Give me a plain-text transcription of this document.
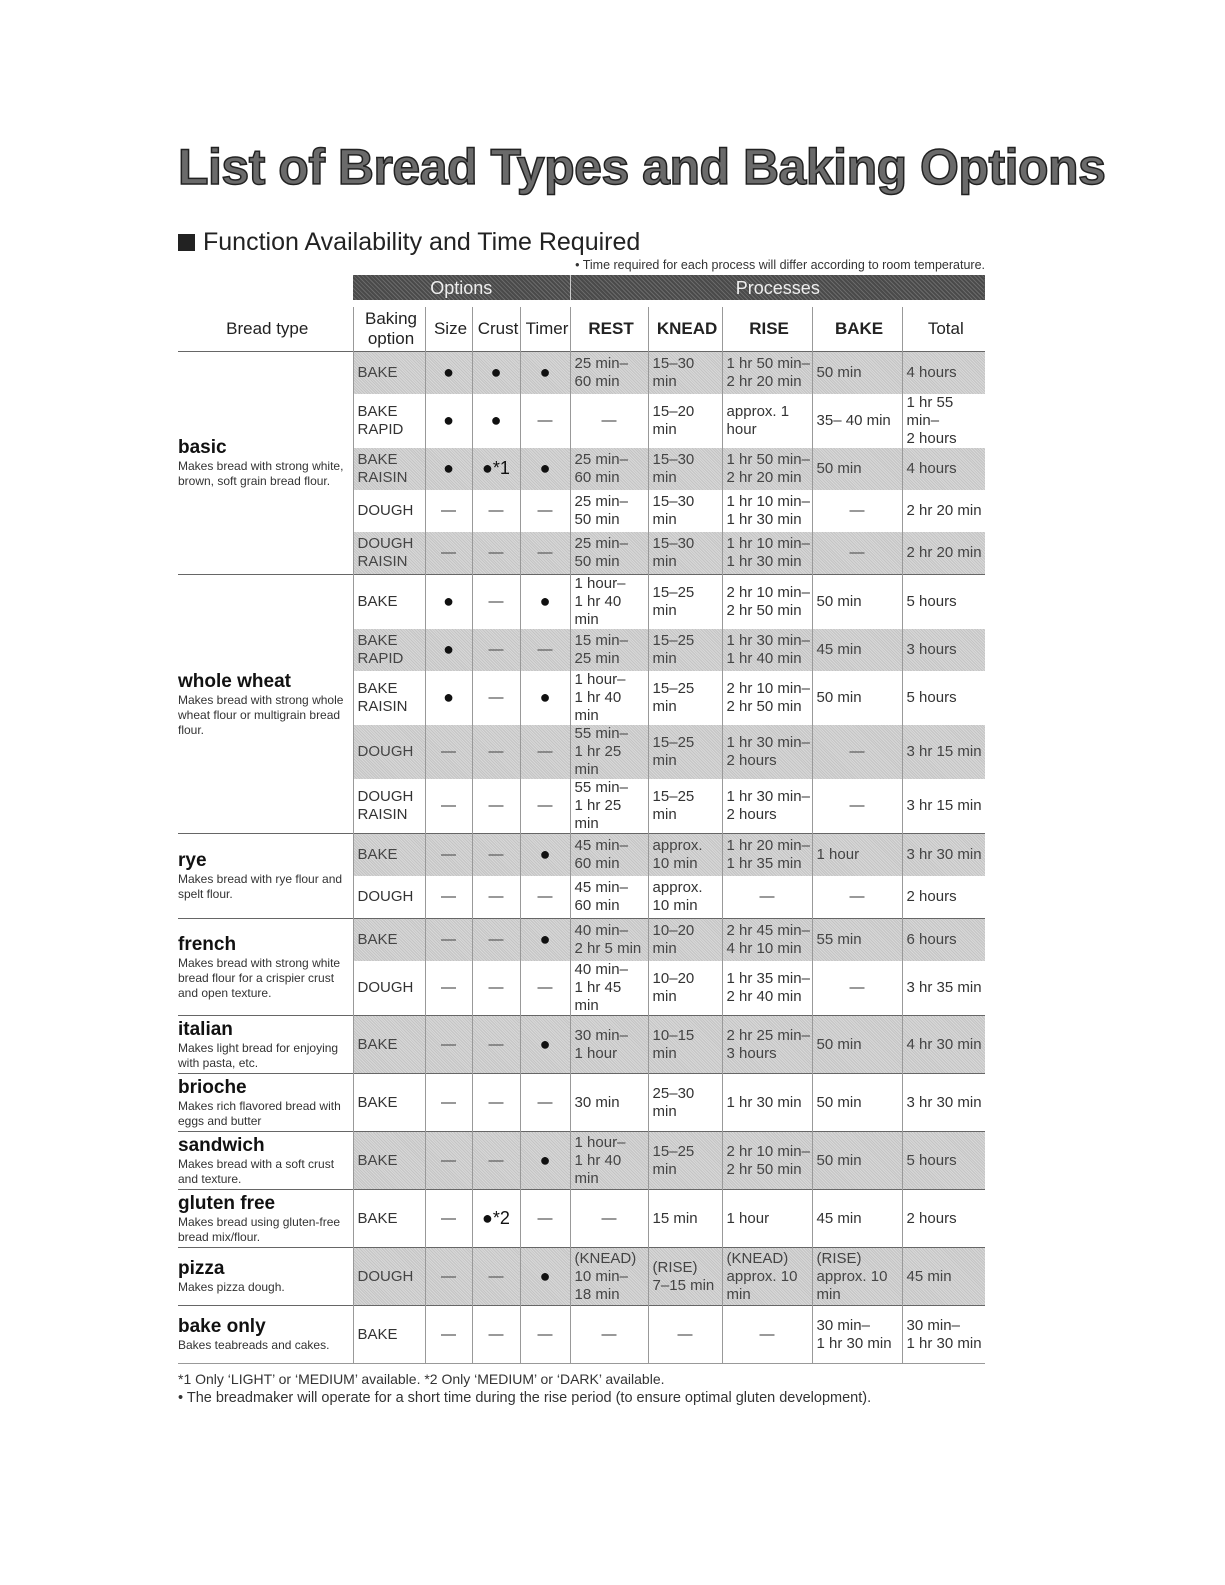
List of Bread Types and Baking Options
Function Availability and Time Required
• Time required for each process will differ according to room temperature.
	Options				Processes				

Bread type	Baking option	Size	Crust	Timer	REST	KNEAD	RISE	BAKE	Total

basic
Makes bread with strong white, brown, soft grain bread flour.	BAKE	●	●	●	25 min–
60 min	15–30 min	1 hr 50 min–
2 hr 20 min	50 min	4 hours
	BAKE
RAPID	●	●	—	—	15–20 min	approx. 1 hour	35– 40 min	1 hr 55 min–
2 hours
	BAKE
RAISIN	●	●*1	●	25 min–
60 min	15–30 min	1 hr 50 min–
2 hr 20 min	50 min	4 hours
	DOUGH	—	—	—	25 min–
50 min	15–30 min	1 hr 10 min–
1 hr 30 min	—	2 hr 20 min
	DOUGH
RAISIN	—	—	—	25 min–
50 min	15–30 min	1 hr 10 min–
1 hr 30 min	—	2 hr 20 min

whole wheat
Makes bread with strong whole wheat flour or multigrain bread flour.	BAKE	●	—	●	1 hour–
1 hr 40 min	15–25 min	2 hr 10 min–
2 hr 50 min	50 min	5 hours
	BAKE
RAPID	●	—	—	15 min–
25 min	15–25 min	1 hr 30 min–
1 hr 40 min	45 min	3 hours
	BAKE
RAISIN	●	—	●	1 hour–
1 hr 40 min	15–25 min	2 hr 10 min–
2 hr 50 min	50 min	5 hours
	DOUGH	—	—	—	55 min–
1 hr 25 min	15–25 min	1 hr 30 min–
2 hours	—	3 hr 15 min
	DOUGH
RAISIN	—	—	—	55 min–
1 hr 25 min	15–25 min	1 hr 30 min–
2 hours	—	3 hr 15 min

rye
Makes bread with rye flour and spelt flour.	BAKE	—	—	●	45 min–
60 min	approx.
10 min	1 hr 20 min–
1 hr 35 min	1 hour	3 hr 30 min
	DOUGH	—	—	—	45 min–
60 min	approx.
10 min	—	—	2 hours

french
Makes bread with strong white bread flour for a crispier crust and open texture.	BAKE	—	—	●	40 min–
2 hr 5 min	10–20 min	2 hr 45 min–
4 hr 10 min	55 min	6 hours
	DOUGH	—	—	—	40 min–
1 hr 45 min	10–20 min	1 hr 35 min–
2 hr 40 min	—	3 hr 35 min

italian
Makes light bread for enjoying with pasta, etc.	BAKE	—	—	●	30 min–
1 hour	10–15 min	2 hr 25 min–
3 hours	50 min	4 hr 30 min

brioche
Makes rich flavored bread with eggs and butter	BAKE	—	—	—	30 min	25–30 min	1 hr 30 min	50 min	3 hr 30 min

sandwich
Makes bread with a soft crust and texture.	BAKE	—	—	●	1 hour–
1 hr 40 min	15–25 min	2 hr 10 min–
2 hr 50 min	50 min	5 hours

gluten free
Makes bread using gluten-free bread mix/flour.	BAKE	—	●*2	—	—	15 min	1 hour	45 min	2 hours

pizza
Makes pizza dough.	DOUGH	—	—	●	(KNEAD)
10 min–
18 min	(RISE)
7–15 min	(KNEAD)
approx. 10 min	(RISE)
approx. 10 min	45 min

bake only
Bakes teabreads and cakes.	BAKE	—	—	—	—	—	—	30 min–
1 hr 30 min	30 min–
1 hr 30 min
*1 Only ‘LIGHT’ or ‘MEDIUM’ available. *2 Only ‘MEDIUM’ or ‘DARK’ available.
• The breadmaker will operate for a short time during the rise period (to ensure optimal gluten development).
